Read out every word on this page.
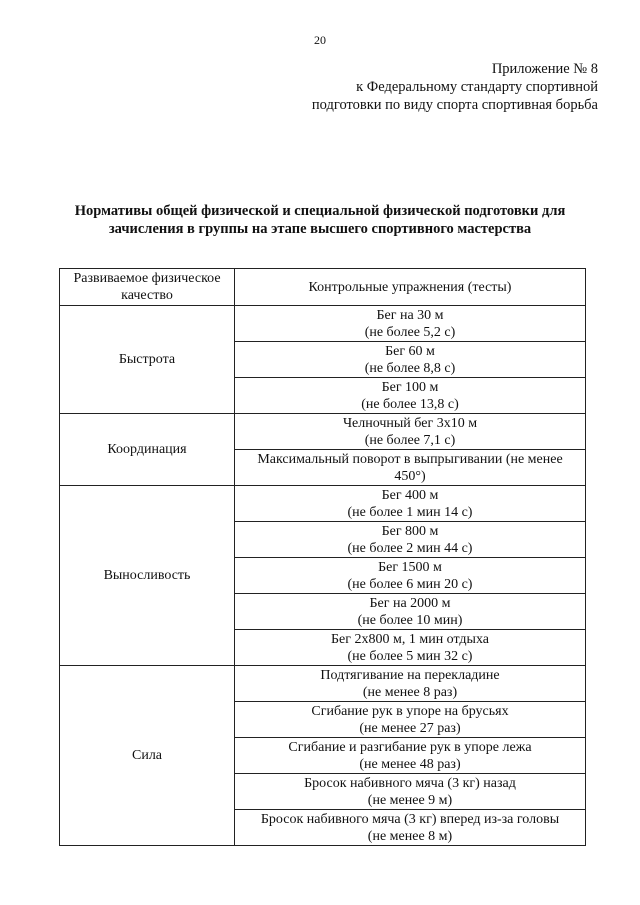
20
Приложение № 8
к Федеральному стандарту спортивной
подготовки по виду спорта спортивная борьба
Нормативы общей физической и специальной физической подготовки для
зачисления в группы на этапе высшего спортивного мастерства
Развиваемое физическое качество	Контрольные упражнения (тесты)
Быстрота	Бег на 30 м
(не более 5,2 с)

	Бег 60 м
(не более 8,8 с)

	Бег 100 м
(не более 13,8 с)

Координация	Челночный бег 3х10 м
(не более 7,1 с)

	Максимальный поворот в выпрыгивании (не менее
450°)

Выносливость	Бег 400 м
(не более 1 мин 14 с)

	Бег 800 м
(не более 2 мин 44 с)

	Бег 1500 м
(не более 6 мин 20 с)

	Бег на 2000 м
(не более 10 мин)

	Бег 2х800 м, 1 мин отдыха
(не более 5 мин 32 с)

Сила	Подтягивание на перекладине
(не менее 8 раз)

	Сгибание рук в упоре на брусьях
(не менее 27 раз)

	Сгибание и разгибание рук в упоре лежа
(не менее 48 раз)

	Бросок набивного мяча (3 кг) назад
(не менее 9 м)

	Бросок набивного мяча (3 кг) вперед из-за головы
(не менее 8 м)
